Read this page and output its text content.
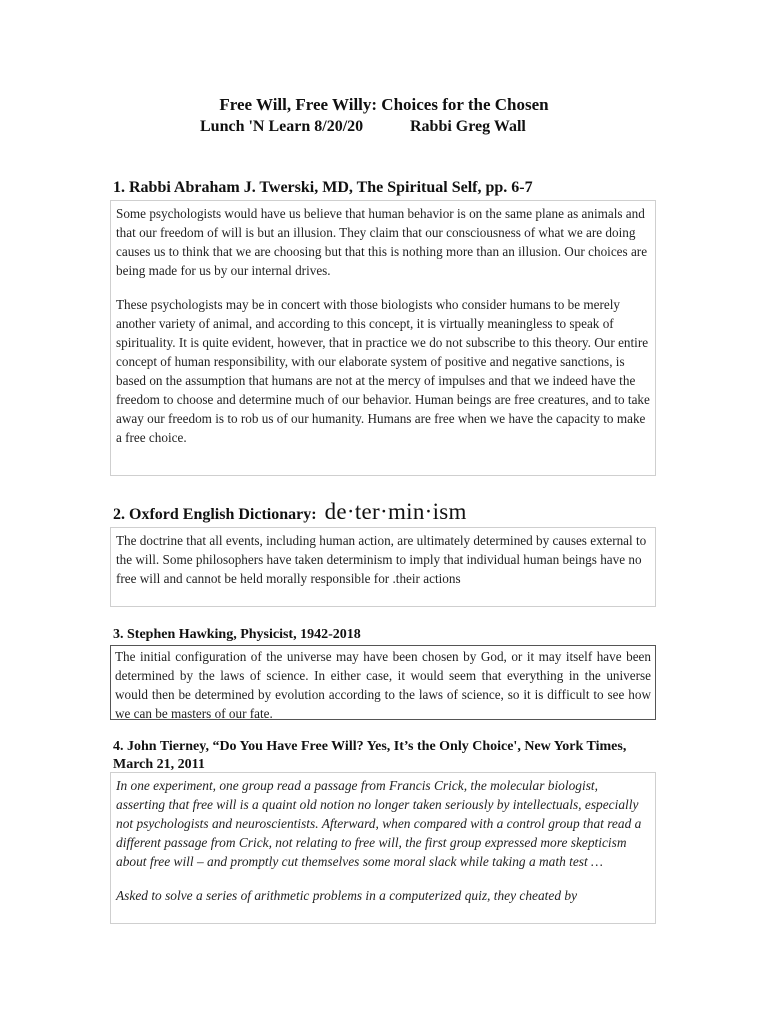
Free Will, Free Willy: Choices for the Chosen
Lunch 'N Learn 8/20/20	Rabbi Greg Wall
1. Rabbi Abraham J. Twerski, MD, The Spiritual Self, pp. 6-7

Some psychologists would have us believe that human behavior is on the same plane as animals and that our freedom of will is but an illusion. They claim that our consciousness of what we are doing causes us to think that we are choosing but that this is nothing more than an illusion. Our choices are being made for us by our internal drives.

These psychologists may be in concert with those biologists who consider humans to be merely another variety of animal, and according to this concept, it is virtually meaningless to speak of spirituality. It is quite evident, however, that in practice we do not subscribe to this theory. Our entire concept of human responsibility, with our elaborate system of positive and negative sanctions, is based on the assumption that humans are not at the mercy of impulses and that we indeed have the freedom to choose and determine much of our behavior. Human beings are free creatures, and to take away our freedom is to rob us of our humanity. Humans are free when we have the capacity to make a free choice.

2. Oxford English Dictionary: de·ter·min·ism

The doctrine that all events, including human action, are ultimately determined by causes external to the will. Some philosophers have taken determinism to imply that individual human beings have no free will and cannot be held morally responsible for .their actions

3. Stephen Hawking, Physicist, 1942-2018

The initial configuration of the universe may have been chosen by God, or it may itself have been determined by the laws of science. In either case, it would seem that everything in the universe would then be determined by evolution according to the laws of science, so it is difficult to see how we can be masters of our fate.

4. John Tierney, “Do You Have Free Will? Yes, It’s the Only Choice', New York Times, March 21, 2011

In one experiment, one group read a passage from Francis Crick, the molecular biologist, asserting that free will is a quaint old notion no longer taken seriously by intellectuals, especially not psychologists and neuroscientists. Afterward, when compared with a control group that read a different passage from Crick, not relating to free will, the first group expressed more skepticism about free will – and promptly cut themselves some moral slack while taking a math test …

Asked to solve a series of arithmetic problems in a computerized quiz, they cheated by
